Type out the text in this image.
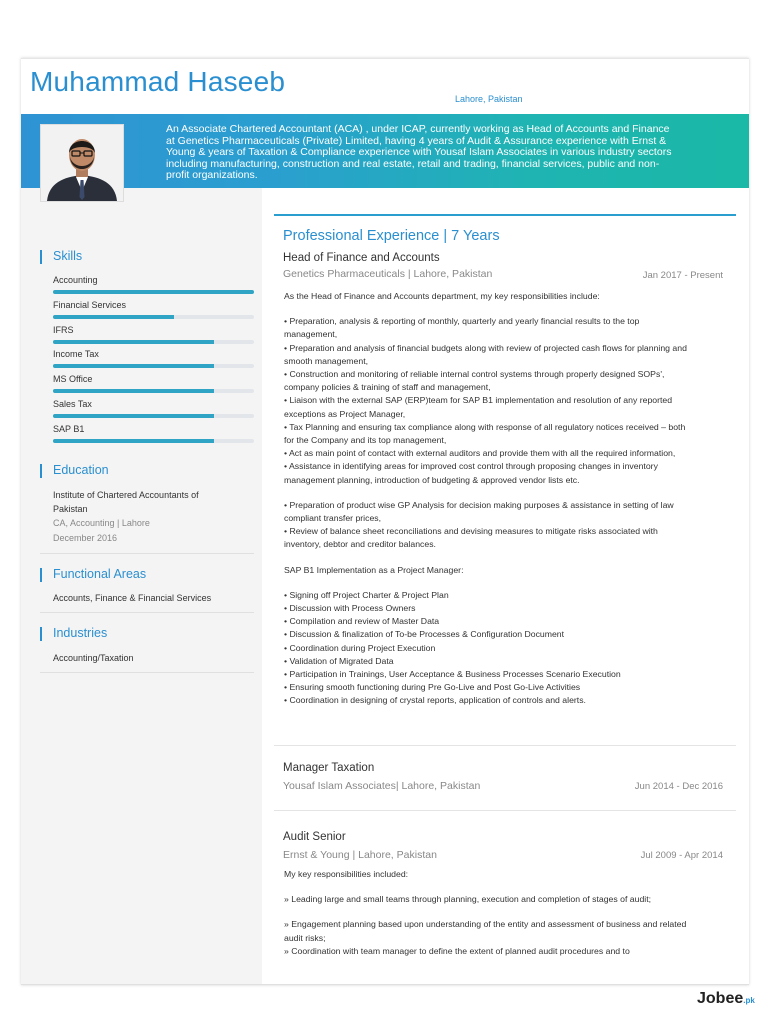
Muhammad Haseeb
Lahore, Pakistan
An Associate Chartered Accountant (ACA) , under ICAP, currently working as Head of Accounts and Finance at Genetics Pharmaceuticals (Private) Limited, having 4 years of Audit & Assurance experience with Ernst & Young & years of Taxation & Compliance experience with Yousaf Islam Associates in various industry sectors including manufacturing, construction and real estate, retail and trading, financial services, public and non-profit organizations.
Skills
Accounting
Financial Services
IFRS
Income Tax
MS Office
Sales Tax
SAP B1
Education
Institute of Chartered Accountants of Pakistan
CA, Accounting | Lahore
December 2016
Functional Areas
Accounts, Finance & Financial Services
Industries
Accounting/Taxation
Professional Experience | 7 Years
Head of Finance and Accounts
Genetics Pharmaceuticals | Lahore, Pakistan	Jan 2017 - Present

As the Head of Finance and Accounts department, my key responsibilities include:

• Preparation, analysis & reporting of monthly, quarterly and yearly financial results to the top management,

• Preparation and analysis of financial budgets along with review of projected cash flows for planning and smooth management,

• Construction and monitoring of reliable internal control systems through properly designed SOPs', company policies & training of staff and management,

• Liaison with the external SAP (ERP)team for SAP B1 implementation and resolution of any reported exceptions as Project Manager,

• Tax Planning and ensuring tax compliance along with response of all regulatory notices received – both for the Company and its top management,

• Act as main point of contact with external auditors and provide them with all the required information,

• Assistance in identifying areas for improved cost control through proposing changes in inventory management planning, introduction of budgeting & approved vendor lists etc.

• Preparation of product wise GP Analysis for decision making purposes & assistance in setting of law compliant transfer prices,

• Review of balance sheet reconciliations and devising measures to mitigate risks associated with inventory, debtor and creditor balances.

SAP B1 Implementation as a Project Manager:

• Signing off Project Charter & Project Plan

• Discussion with Process Owners

• Compilation and review of Master Data

• Discussion & finalization of To-be Processes & Configuration Document

• Coordination during Project Execution

• Validation of Migrated Data

• Participation in Trainings, User Acceptance & Business Processes Scenario Execution

• Ensuring smooth functioning during Pre Go-Live and Post Go-Live Activities

• Coordination in designing of crystal reports, application of controls and alerts.

Manager Taxation
Yousaf Islam Associates| Lahore, Pakistan	Jun 2014 - Dec 2016
Audit Senior
Ernst & Young | Lahore, Pakistan	Jul 2009 - Apr 2014

My key responsibilities included:

» Leading large and small teams through planning, execution and completion of stages of audit;

» Engagement planning based upon understanding of the entity and assessment of business and related

audit risks;

» Coordination with team manager to define the extent of planned audit procedures and to

Jobee.pk
